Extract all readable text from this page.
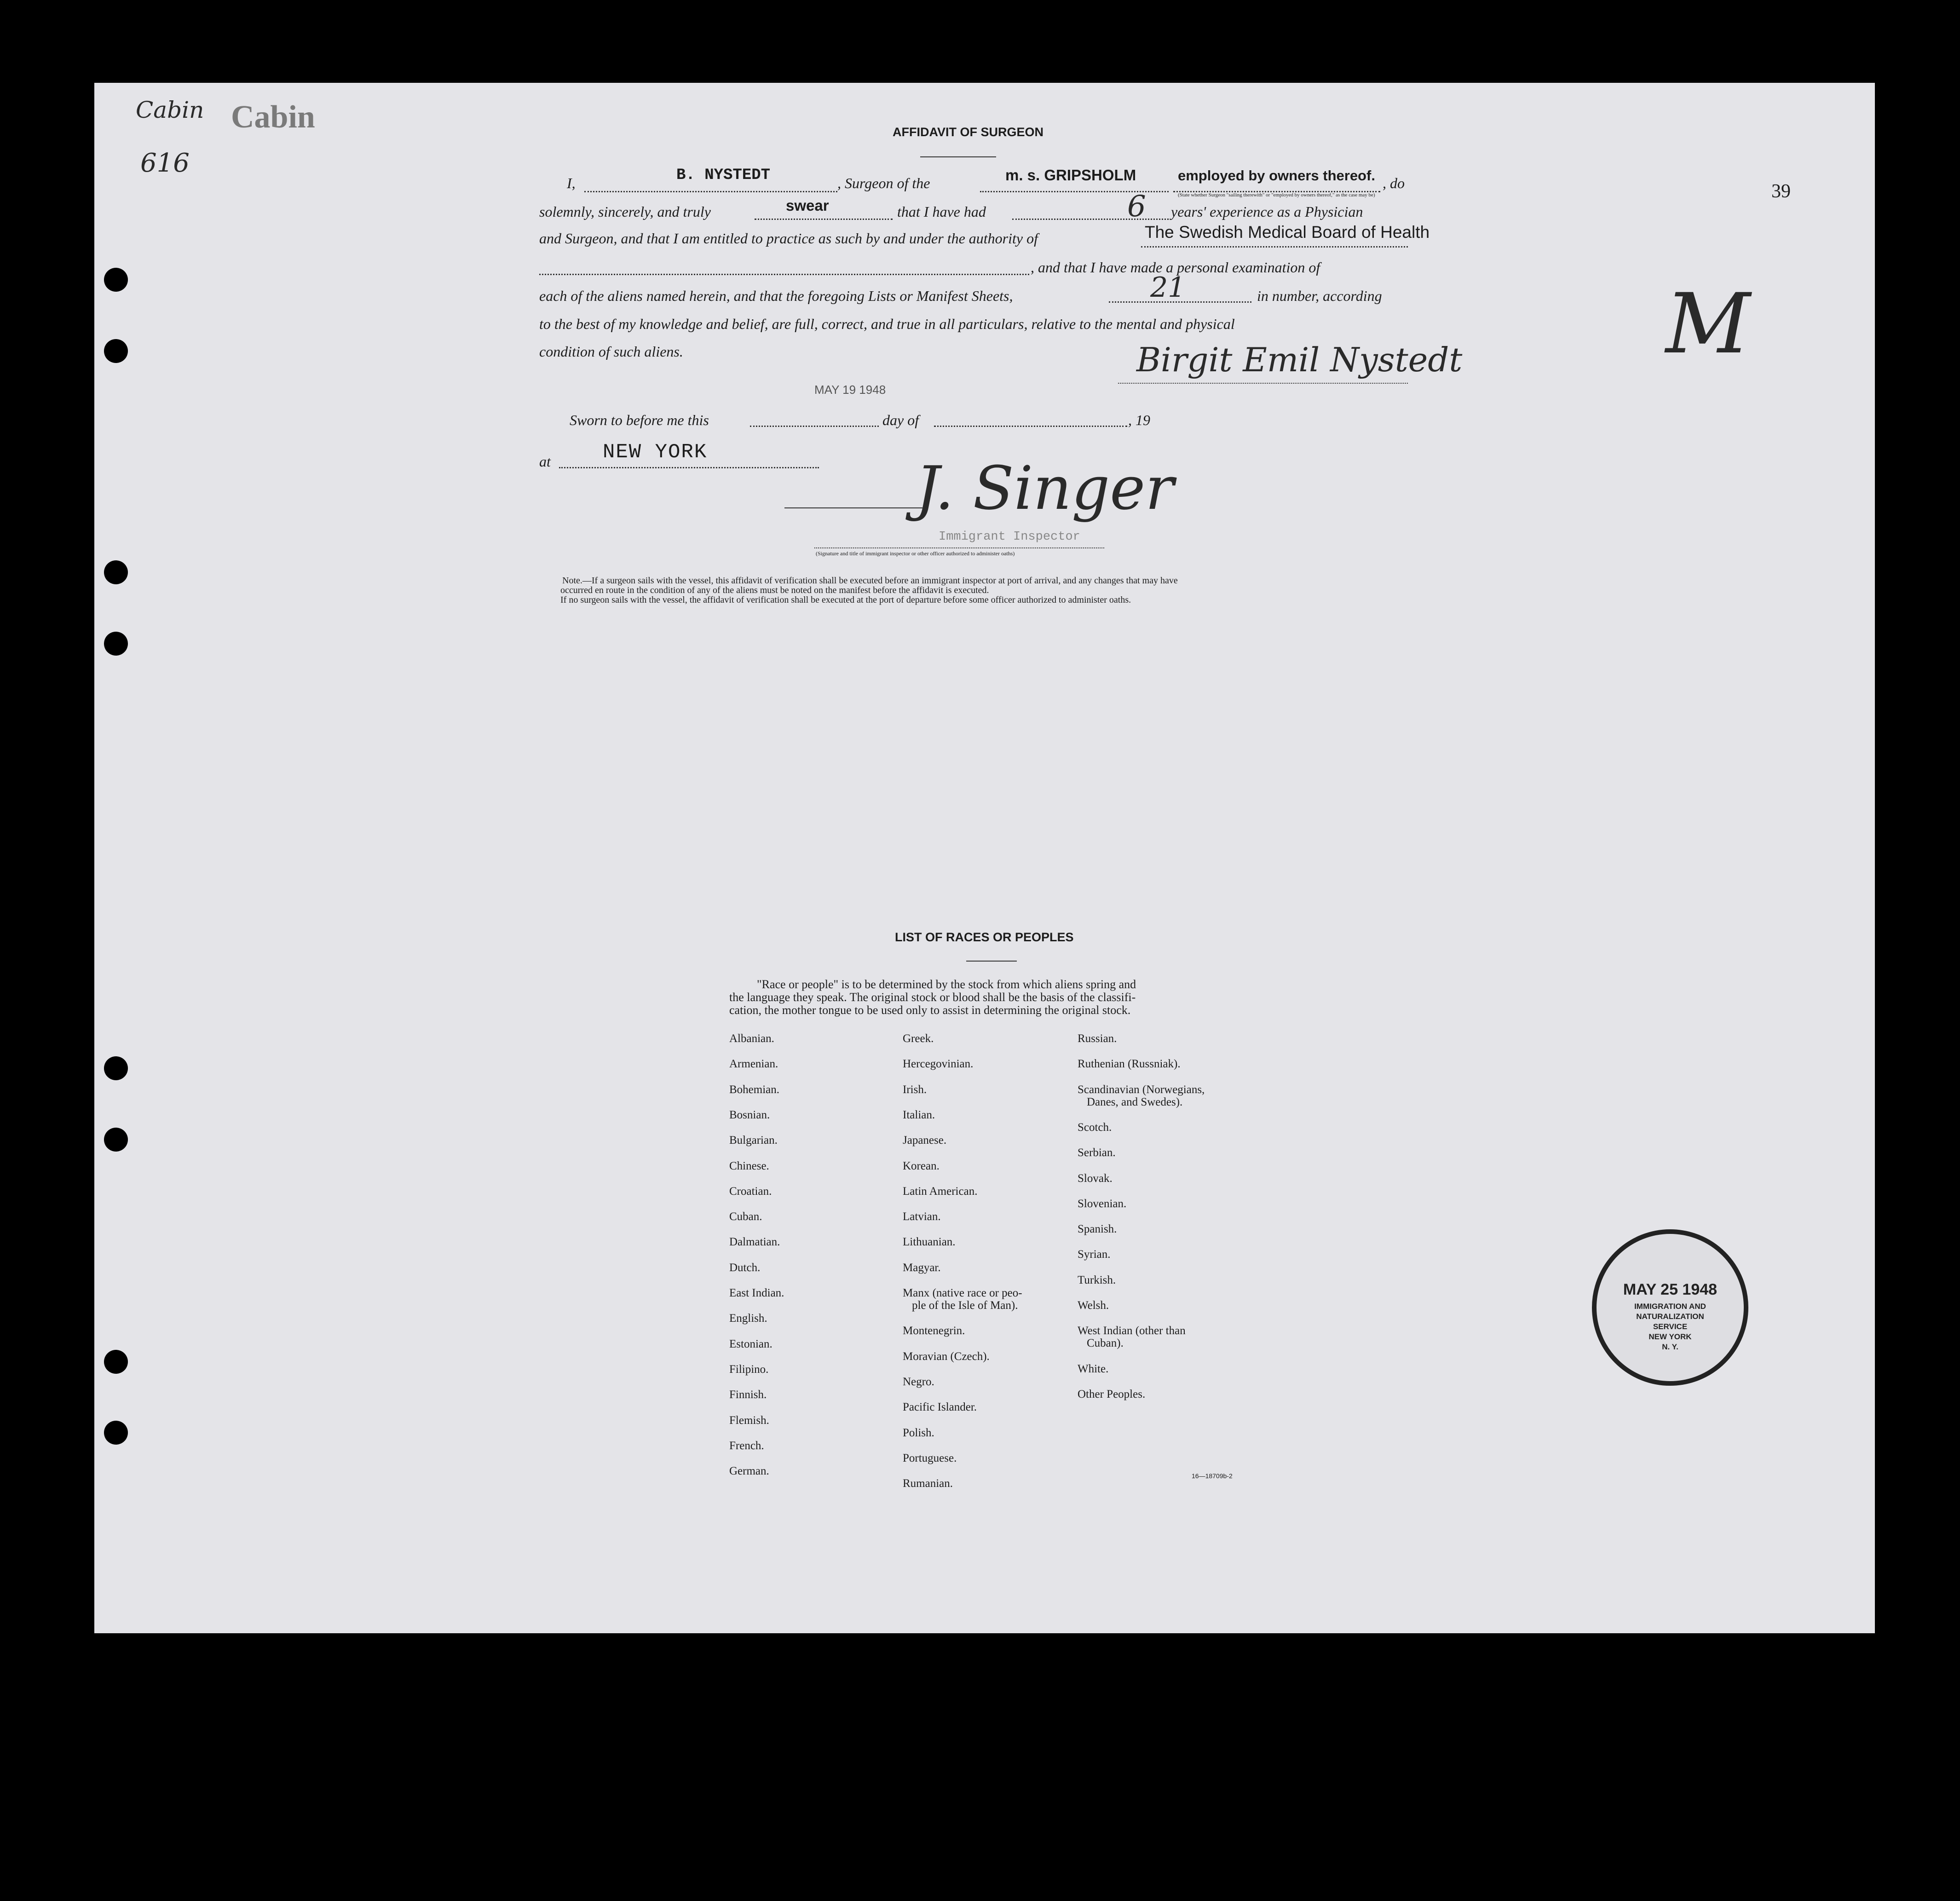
Cabin Cabin
616
39
M
AFFIDAVIT OF SURGEON
I,	B. NYSTEDT	, Surgeon of the	m. s. GRIPSHOLM	employed by owners thereof. , do
(State whether Surgeon "sailing therewith" or "employed by owners thereof," as the case may be)
solemnly, sincerely, and truly	swear	that I have had	6 years' experience as a Physician
and Surgeon, and that I am entitled to practice as such by and under the authority of	The Swedish Medical Board of Health
, and that I have made a personal examination of
each of the aliens named herein, and that the foregoing Lists or Manifest Sheets,	21	in number, according
to the best of my knowledge and belief, are full, correct, and true in all particulars, relative to the mental and physical
condition of such aliens.	Birgit Emil Nystedt
MAY 19 1948
Sworn to before me this	day of	, 19
at	NEW YORK
J. Singer
Immigrant Inspector
(Signature and title of immigrant inspector or other officer authorized to administer oaths)
Note.—If a surgeon sails with the vessel, this affidavit of verification shall be executed before an immigrant inspector at port of arrival, and any changes that may have
occurred en route in the condition of any of the aliens must be noted on the manifest before the affidavit is executed.
If no surgeon sails with the vessel, the affidavit of verification shall be executed at the port of departure before some officer authorized to administer oaths.
LIST OF RACES OR PEOPLES
"Race or people" is to be determined by the stock from which aliens spring and
the language they speak. The original stock or blood shall be the basis of the classifi-
cation, the mother tongue to be used only to assist in determining the original stock.
Albanian.
Armenian.
Bohemian.
Bosnian.
Bulgarian.
Chinese.
Croatian.
Cuban.
Dalmatian.
Dutch.
East Indian.
English.
Estonian.
Filipino.
Finnish.
Flemish.
French.
German.
Greek.
Hercegovinian.
Irish.
Italian.
Japanese.
Korean.
Latin American.
Latvian.
Lithuanian.
Magyar.
Manx (native race or peo-
ple of the Isle of Man).
Montenegrin.
Moravian (Czech).
Negro.
Pacific Islander.
Polish.
Portuguese.
Rumanian.
Russian.
Ruthenian (Russniak).
Scandinavian (Norwegians,
Danes, and Swedes).
Scotch.
Serbian.
Slovak.
Slovenian.
Spanish.
Syrian.
Turkish.
Welsh.
West Indian (other than
Cuban).
White.
Other Peoples.
16—18709b-2
MAY 25 1948
IMMIGRATION AND
NATURALIZATION
SERVICE
NEW YORK
N. Y.
